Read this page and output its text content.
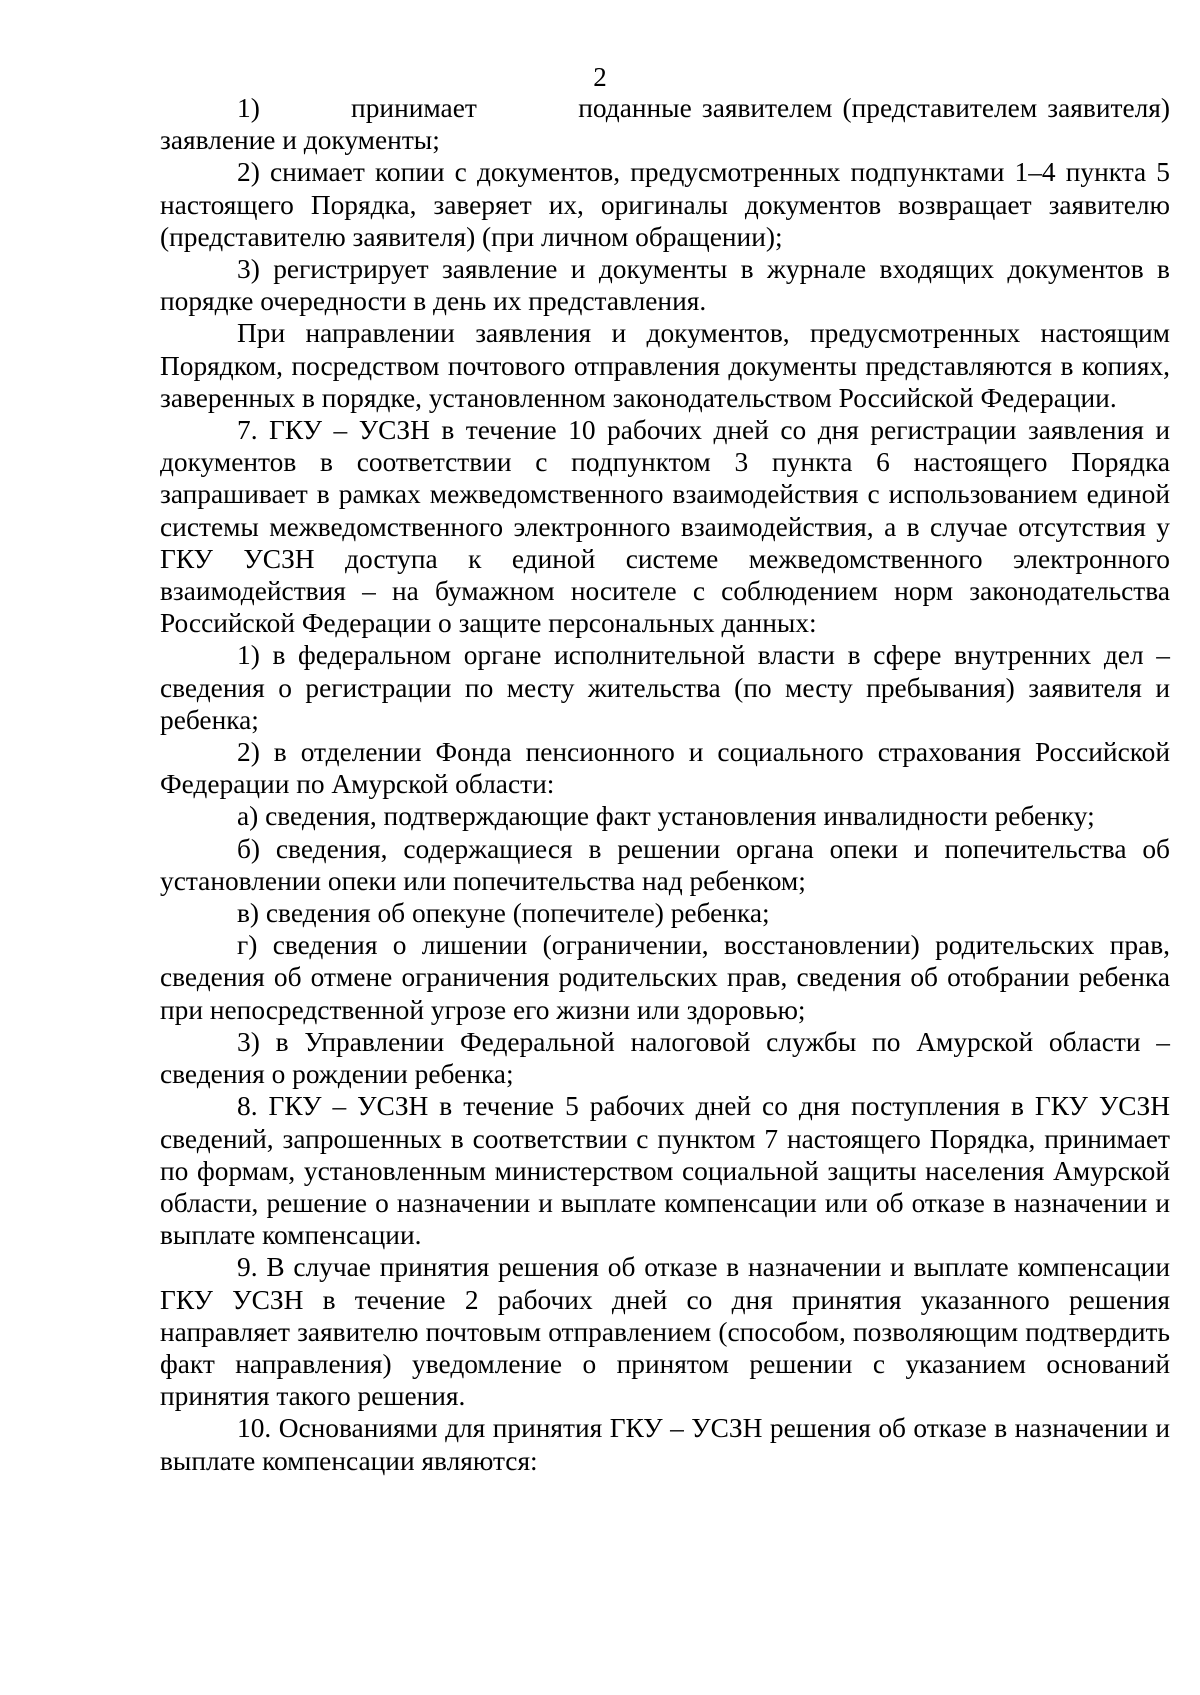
2

1)         принимает          поданные заявителем (представителем заявителя) заявление и документы;

2) снимает копии с документов, предусмотренных подпунктами 1–4 пункта 5 настоящего Порядка, заверяет их, оригиналы документов возвращает заявителю (представителю заявителя) (при личном обращении);

3) регистрирует заявление и документы в журнале входящих документов в порядке очередности в день их представления.

При направлении заявления и документов, предусмотренных настоящим Порядком, посредством почтового отправления документы представляются в копиях, заверенных в порядке, установленном законодательством Российской Федерации.

7. ГКУ – УСЗН в течение 10 рабочих дней со дня регистрации заявления и документов в соответствии с подпунктом 3 пункта 6 настоящего Порядка запрашивает в рамках межведомственного взаимодействия с использованием единой системы межведомственного электронного взаимодействия, а в случае отсутствия у ГКУ УСЗН доступа к единой системе межведомственного электронного взаимодействия – на бумажном носителе с соблюдением норм законодательства Российской Федерации о защите персональных данных:

1) в федеральном органе исполнительной власти в сфере внутренних дел – сведения о регистрации по месту жительства (по месту пребывания) заявителя и ребенка;

2) в отделении Фонда пенсионного и социального страхования Российской Федерации по Амурской области:

а) сведения, подтверждающие факт установления инвалидности ребенку;

б) сведения, содержащиеся в решении органа опеки и попечительства об установлении опеки или попечительства над ребенком;

в) сведения об опекуне (попечителе) ребенка;

г) сведения о лишении (ограничении, восстановлении) родительских прав, сведения об отмене ограничения родительских прав, сведения об отобрании ребенка при непосредственной угрозе его жизни или здоровью;

3) в Управлении Федеральной налоговой службы по Амурской области – сведения о рождении ребенка;

8. ГКУ – УСЗН в течение 5 рабочих дней со дня поступления в ГКУ УСЗН сведений, запрошенных в соответствии с пунктом 7 настоящего Порядка, принимает по формам, установленным министерством социальной защиты населения Амурской области, решение о назначении и выплате компенсации или об отказе в назначении и выплате компенсации.

9. В случае принятия решения об отказе в назначении и выплате компенсации ГКУ УСЗН в течение 2 рабочих дней со дня принятия указанного решения направляет заявителю почтовым отправлением (способом, позволяющим подтвердить факт направления) уведомление о принятом решении с указанием оснований принятия такого решения.

10. Основаниями для принятия ГКУ – УСЗН решения об отказе в назначении и выплате компенсации являются:
